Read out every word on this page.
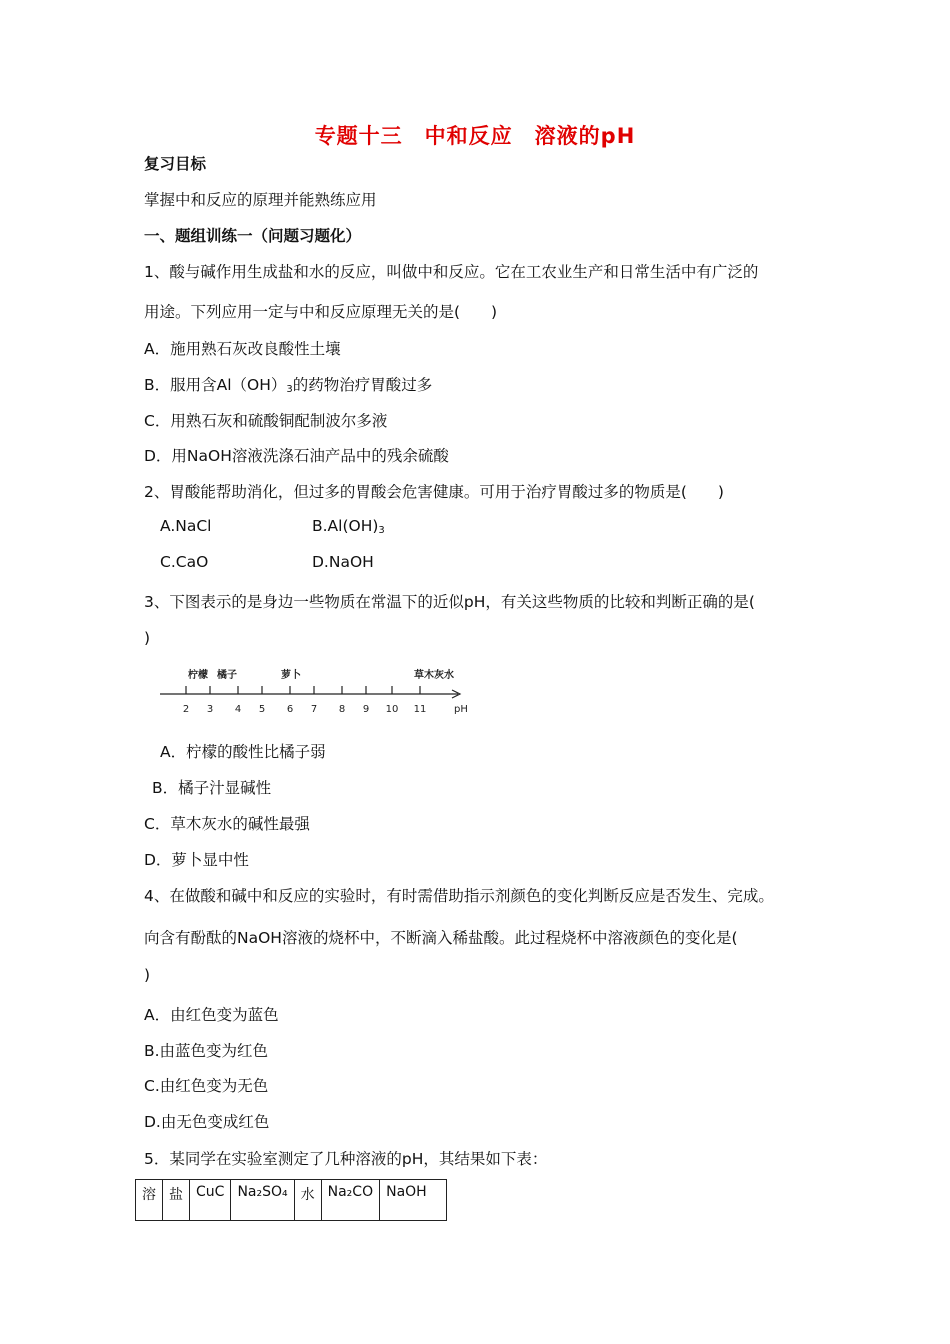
专题十三　中和反应　溶液的pH
复习目标
掌握中和反应的原理并能熟练应用
一、题组训练一（问题习题化）
1、酸与碱作用生成盐和水的反应，叫做中和反应。它在工农业生产和日常生活中有广泛的
用途。下列应用一定与中和反应原理无关的是(　　)
A．施用熟石灰改良酸性土壤
B．服用含$Al(OH)_3$的药物治疗胃酸过多
C．用熟石灰和硫酸铜配制波尔多液
D．用NaOH溶液洗涤石油产品中的残余硫酸
2、胃酸能帮助消化，但过多的胃酸会危害健康。可用于治疗胃酸过多的物质是(　　)
A.NaCl	$B.Al(OH)_3$
C.CaO	D.NaOH
3、下图表示的是身边一些物质在常温下的近似pH，有关这些物质的比较和判断正确的是(
)
柠檬 橘子	萝卜	草木灰水
2 3 4 5 6 7 8 9 10 11	pH
A．柠檬的酸性比橘子弱
B．橘子汁显碱性
C．草木灰水的碱性最强
D．萝卜显中性
4、在做酸和碱中和反应的实验时，有时需借助指示剂颜色的变化判断反应是否发生、完成。
向含有酚酞的NaOH溶液的烧杯中，不断滴入稀盐酸。此过程烧杯中溶液颜色的变化是(
)
A．由红色变为蓝色
B.由蓝色变为红色
C.由红色变为无色
D.由无色变成红色
5．某同学在实验室测定了几种溶液的pH，其结果如下表：
溶	盐	CuC	Na₂SO₄	水	Na₂CO	NaOH
